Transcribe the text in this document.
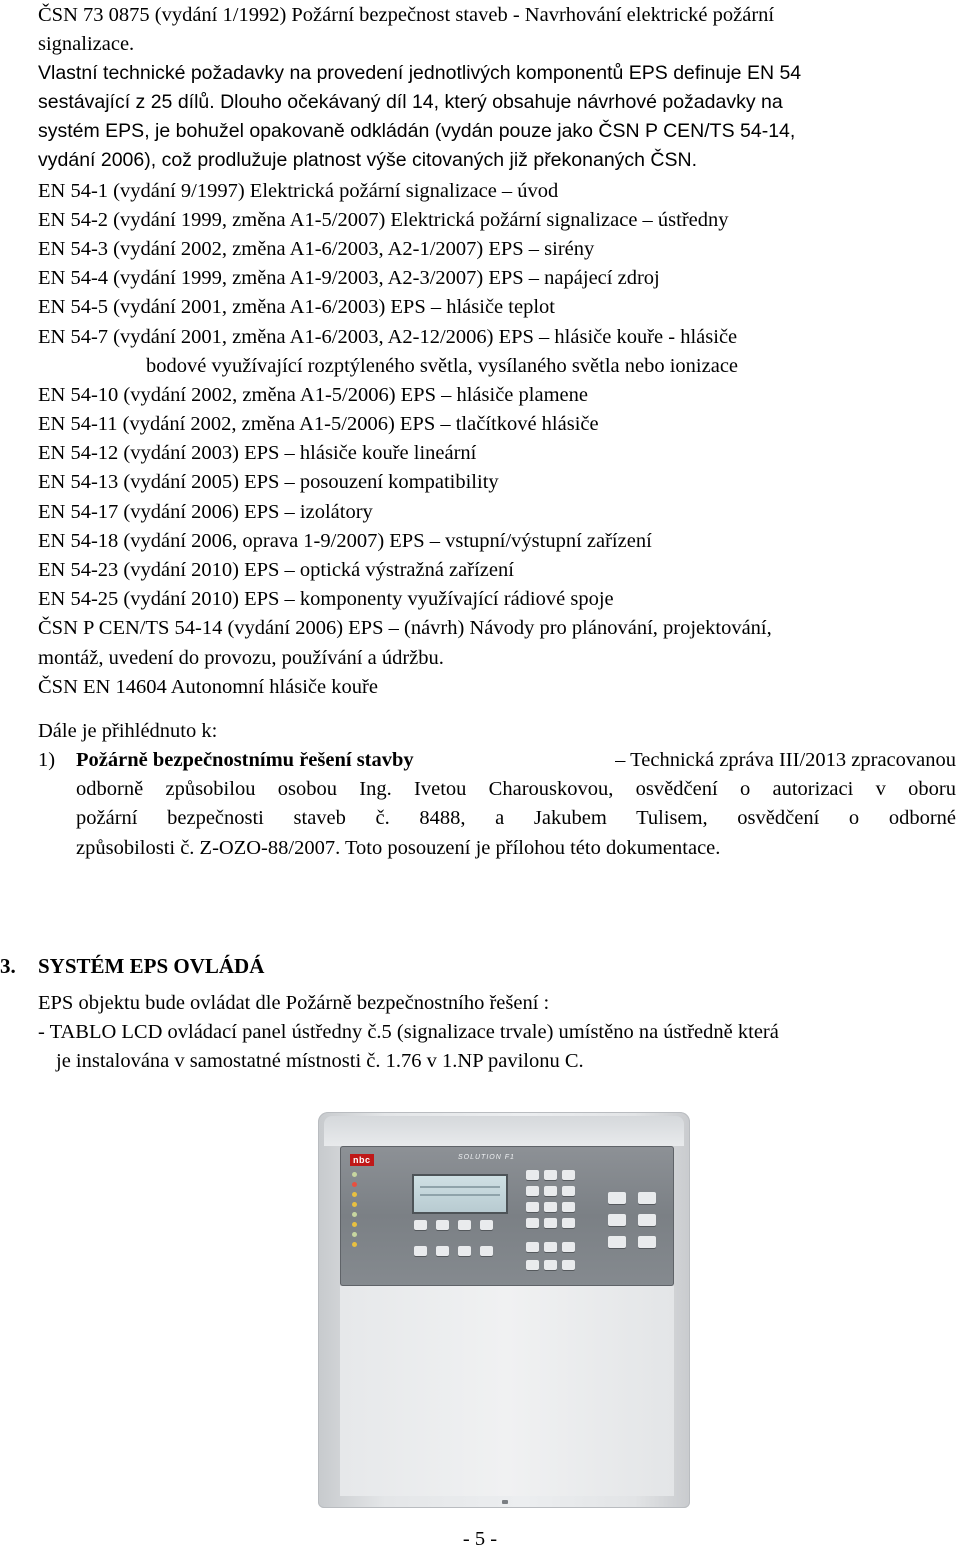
ČSN 73 0875 (vydání 1/1992) Požární bezpečnost staveb - Navrhování elektrické požární
signalizace.
Vlastní technické požadavky na provedení jednotlivých komponentů EPS definuje EN 54
sestávající z 25 dílů. Dlouho očekávaný díl 14, který obsahuje návrhové požadavky na
systém EPS, je bohužel opakovaně odkládán (vydán pouze jako ČSN P CEN/TS 54-14,
vydání 2006), což prodlužuje platnost výše citovaných již překonaných ČSN.
EN 54-1 (vydání 9/1997) Elektrická požární signalizace – úvod
EN 54-2 (vydání 1999, změna A1-5/2007) Elektrická požární signalizace – ústředny
EN 54-3 (vydání 2002, změna A1-6/2003, A2-1/2007) EPS – sirény
EN 54-4 (vydání 1999, změna A1-9/2003, A2-3/2007) EPS – napájecí zdroj
EN 54-5 (vydání 2001, změna A1-6/2003) EPS – hlásiče teplot
EN 54-7 (vydání 2001, změna A1-6/2003, A2-12/2006) EPS – hlásiče kouře - hlásiče
bodové využívající rozptýleného světla, vysílaného světla nebo ionizace
EN 54-10 (vydání 2002, změna A1-5/2006) EPS – hlásiče plamene
EN 54-11 (vydání 2002, změna A1-5/2006) EPS – tlačítkové hlásiče
EN 54-12 (vydání 2003) EPS – hlásiče kouře lineární
EN 54-13 (vydání 2005) EPS – posouzení kompatibility
EN 54-17 (vydání 2006) EPS – izolátory
EN 54-18 (vydání 2006, oprava 1-9/2007) EPS – vstupní/výstupní zařízení
EN 54-23 (vydání 2010) EPS – optická výstražná zařízení
EN 54-25 (vydání 2010) EPS – komponenty využívající rádiové spoje
ČSN P CEN/TS 54-14 (vydání 2006) EPS – (návrh) Návody pro plánování, projektování,
montáž, uvedení do provozu, používání a údržbu.
ČSN EN 14604 Autonomní hlásiče kouře
Dále je přihlédnuto k:
1) Požárně bezpečnostnímu řešení stavby	– Technická zpráva III/2013 zpracovanou
odborně způsobilou osobou Ing. Ivetou Charouskovou, osvědčení o autorizaci v oboru
požární bezpečnosti staveb č. 8488, a Jakubem Tulisem, osvědčení o odborné
způsobilosti č. Z-OZO-88/2007. Toto posouzení je přílohou této dokumentace.
3. SYSTÉM EPS OVLÁDÁ
EPS objektu bude ovládat dle Požárně bezpečnostního řešení :
- TABLO LCD ovládací panel ústředny č.5 (signalizace trvale) umístěno na ústředně která
je instalována v samostatné místnosti č. 1.76 v 1.NP pavilonu C.
nbc	SOLUTION F1
- 5 -
